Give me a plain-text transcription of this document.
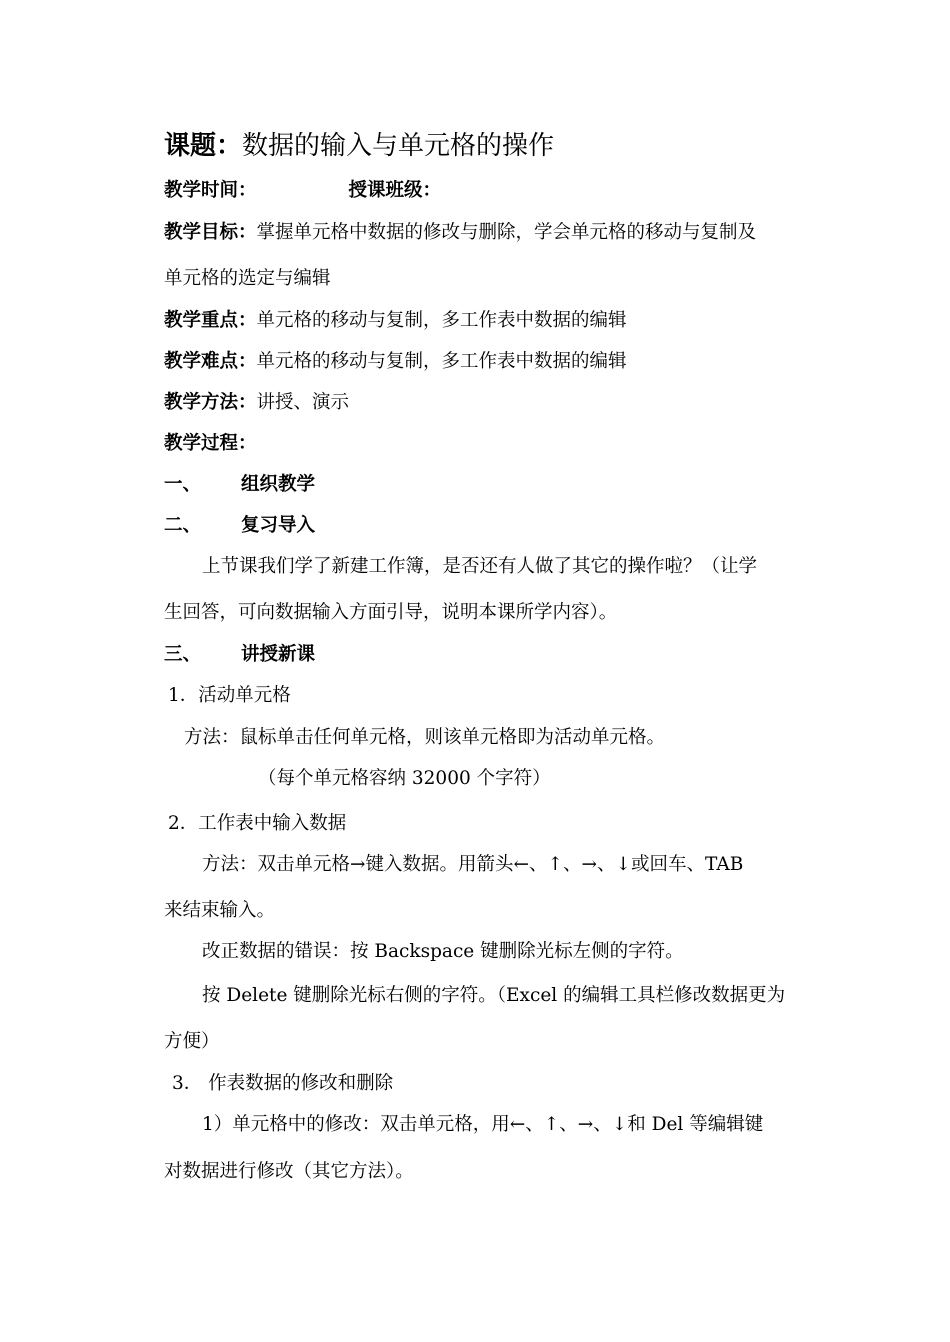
课题：数据的输入与单元格的操作
教学时间：	授课班级：
教学目标：掌握单元格中数据的修改与删除，学会单元格的移动与复制及
单元格的选定与编辑
教学重点：单元格的移动与复制，多工作表中数据的编辑
教学难点：单元格的移动与复制，多工作表中数据的编辑
教学方法：讲授、演示
教学过程：
一、 组织教学
二、 复习导入
上节课我们学了新建工作簿，是否还有人做了其它的操作啦？（让学
生回答，可向数据输入方面引导，说明本课所学内容）。
三、 讲授新课
1．活动单元格
方法：鼠标单击任何单元格，则该单元格即为活动单元格。
（每个单元格容纳 32000 个字符）
2．工作表中输入数据
方法：双击单元格→键入数据。用箭头←、↑、→、↓或回车、TAB
来结束输入。
改正数据的错误：按 Backspace 键删除光标左侧的字符。
按 Delete 键删除光标右侧的字符。（Excel 的编辑工具栏修改数据更为
方便）
3． 作表数据的修改和删除
1）单元格中的修改：双击单元格，用←、↑、→、↓和 Del 等编辑键
对数据进行修改（其它方法）。
